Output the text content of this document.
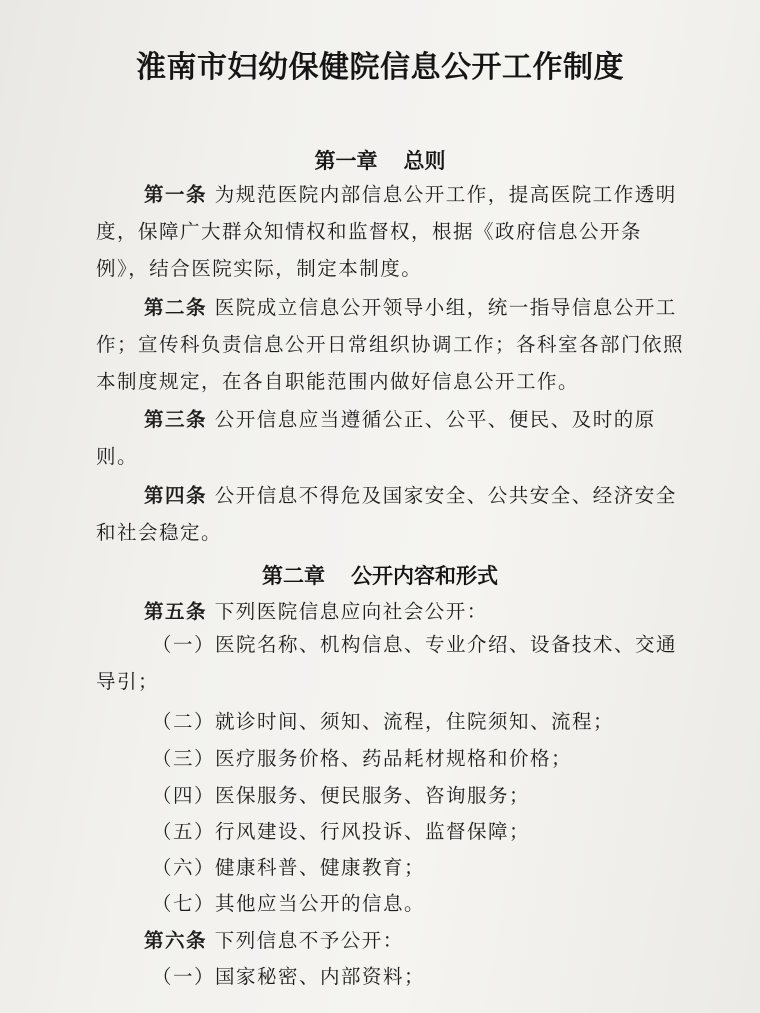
淮南市妇幼保健院信息公开工作制度
第一章 总则
第一条 为规范医院内部信息公开工作，提高医院工作透明度，保障广大群众知情权和监督权，根据《政府信息公开条例》，结合医院实际，制定本制度。
第二条 医院成立信息公开领导小组，统一指导信息公开工作；宣传科负责信息公开日常组织协调工作；各科室各部门依照本制度规定，在各自职能范围内做好信息公开工作。
第三条 公开信息应当遵循公正、公平、便民、及时的原则。
第四条 公开信息不得危及国家安全、公共安全、经济安全和社会稳定。
第二章 公开内容和形式
第五条 下列医院信息应向社会公开：
（一）医院名称、机构信息、专业介绍、设备技术、交通导引；
（二）就诊时间、须知、流程，住院须知、流程；
（三）医疗服务价格、药品耗材规格和价格；
（四）医保服务、便民服务、咨询服务；
（五）行风建设、行风投诉、监督保障；
（六）健康科普、健康教育；
（七）其他应当公开的信息。
第六条 下列信息不予公开：
（一）国家秘密、内部资料；
